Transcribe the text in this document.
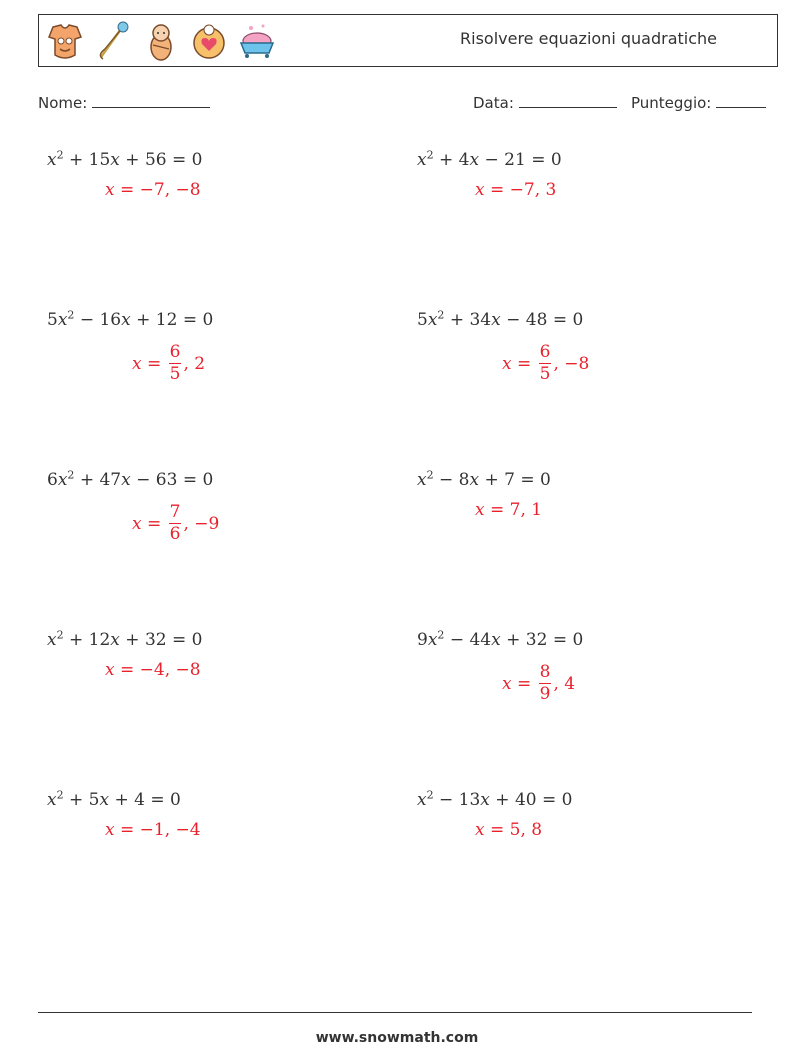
Risolvere equazioni quadratiche
Nome:	Data:	Punteggio:
$x^2 + 15x + 56 = 0$
x = −7, −8
$x^2 + 4x - 21 = 0$
x = −7, 3
$5x^2 - 16x + 12 = 0$
$x = \frac{6}{5}$ , 2
$5x^2 + 34x - 48 = 0$
$x = \frac{6}{5}$ , −8
$6x^2 + 47x - 63 = 0$
$x = \frac{7}{6}$ , −9
$x^2 - 8x + 7 = 0$
x = 7, 1
$x^2 + 12x + 32 = 0$
x = −4, −8
$9x^2 - 44x + 32 = 0$
$x = \frac{8}{9}$ , 4
$x^2 + 5x + 4 = 0$
x = −1, −4
$x^2 - 13x + 40 = 0$
x = 5, 8
www.snowmath.com
